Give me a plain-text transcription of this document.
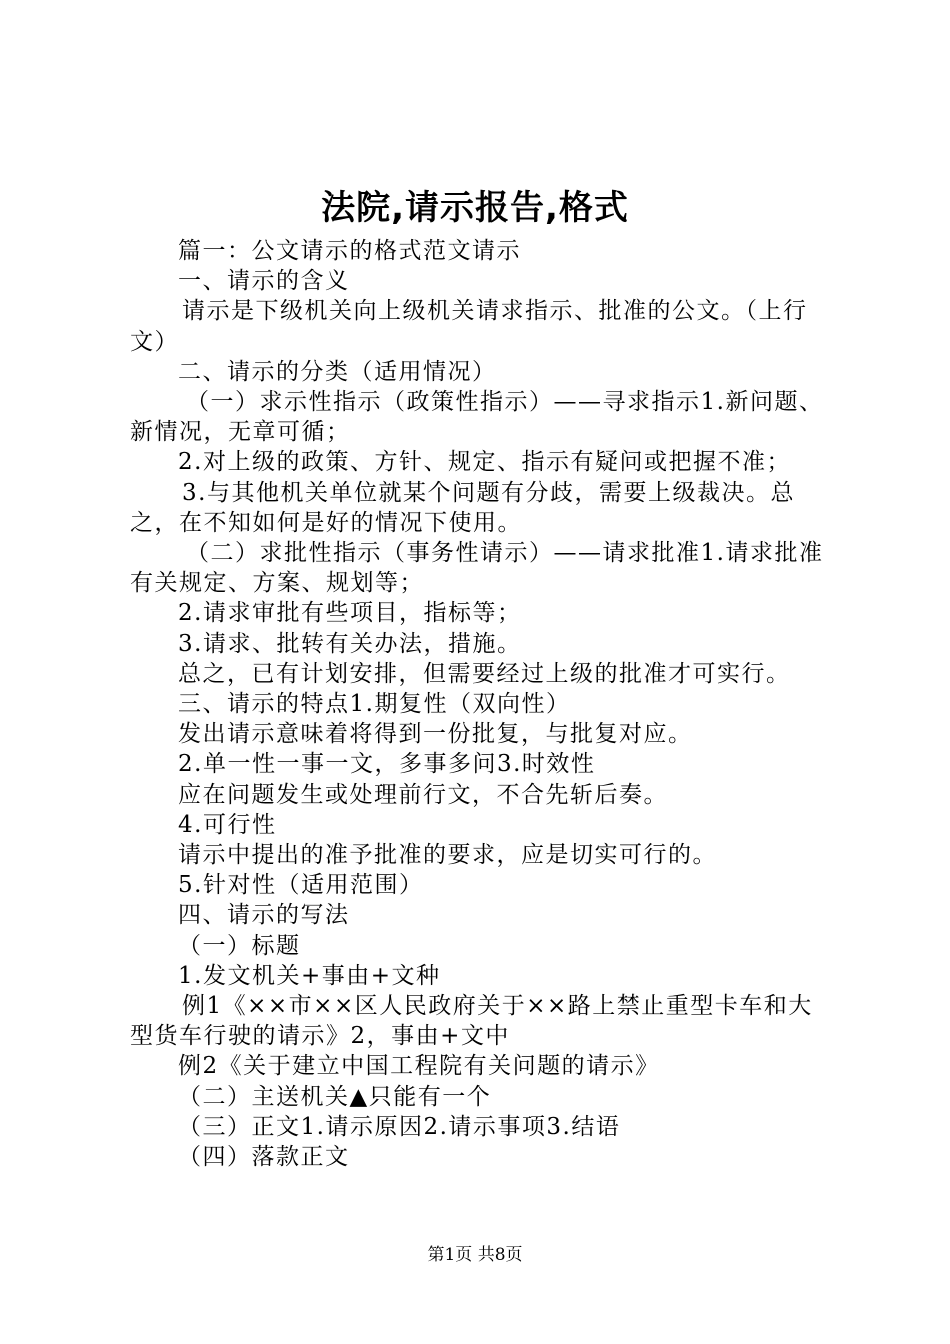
法院,请示报告,格式

篇一：公文请示的格式范文请示

一、请示的含义

请示是下级机关向上级机关请求指示、批准的公文。（上行文）

二、请示的分类（适用情况）

（一）求示性指示（政策性指示）——寻求指示1.新问题、新情况，无章可循；

2.对上级的政策、方针、规定、指示有疑问或把握不准；

3.与其他机关单位就某个问题有分歧，需要上级裁决。总之，在不知如何是好的情况下使用。

（二）求批性指示（事务性请示）——请求批准1.请求批准有关规定、方案、规划等；

2.请求审批有些项目，指标等；

3.请求、批转有关办法，措施。

总之，已有计划安排，但需要经过上级的批准才可实行。

三、请示的特点1.期复性（双向性）

发出请示意味着将得到一份批复，与批复对应。

2.单一性一事一文，多事多问3.时效性

应在问题发生或处理前行文，不合先斩后奏。

4.可行性

请示中提出的准予批准的要求，应是切实可行的。

5.针对性（适用范围）

四、请示的写法

（一）标题

1.发文机关+事由+文种

例1《××市××区人民政府关于××路上禁止重型卡车和大型货车行驶的请示》2，事由+文中

例2《关于建立中国工程院有关问题的请示》

（二）主送机关▲只能有一个

（三）正文1.请示原因2.请示事项3.结语

（四）落款正文

第1页 共8页
